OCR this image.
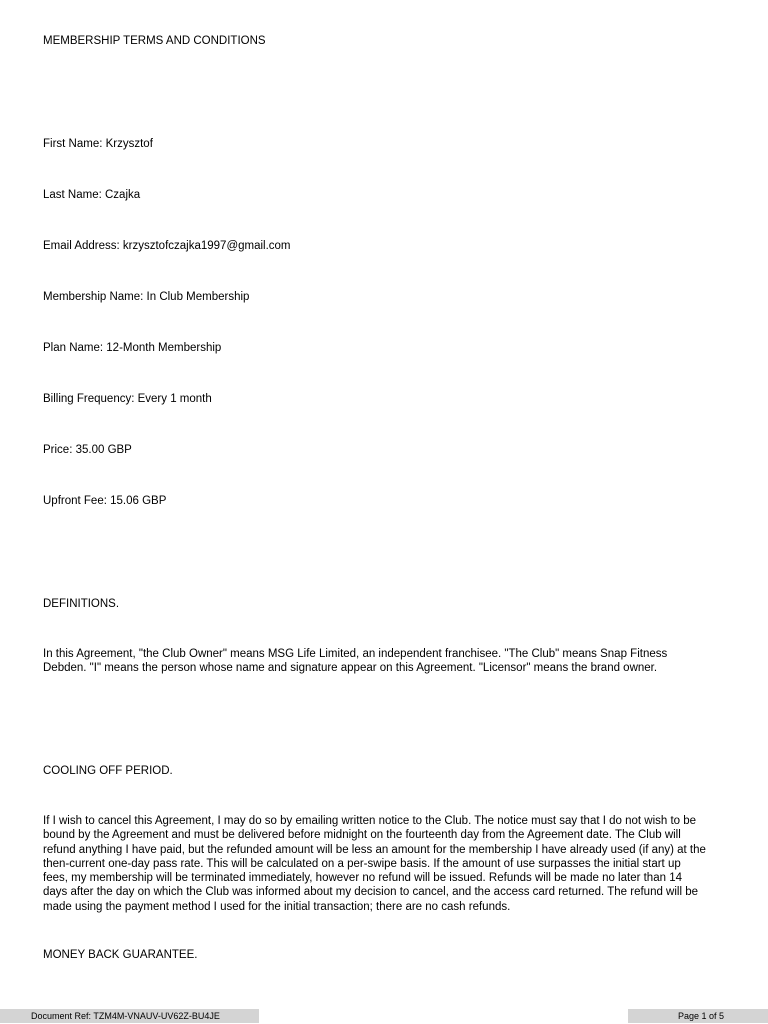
MEMBERSHIP TERMS AND CONDITIONS

First Name: Krzysztof

Last Name: Czajka

Email Address: krzysztofczajka1997@gmail.com

Membership Name: In Club Membership

Plan Name: 12-Month Membership

Billing Frequency: Every 1 month

Price: 35.00 GBP

Upfront Fee: 15.06 GBP

DEFINITIONS.

In this Agreement, "the Club Owner" means MSG Life Limited, an independent franchisee. "The Club" means Snap Fitness
Debden. "I" means the person whose name and signature appear on this Agreement. "Licensor" means the brand owner.

COOLING OFF PERIOD.

If I wish to cancel this Agreement, I may do so by emailing written notice to the Club. The notice must say that I do not wish to be
bound by the Agreement and must be delivered before midnight on the fourteenth day from the Agreement date. The Club will
refund anything I have paid, but the refunded amount will be less an amount for the membership I have already used (if any) at the
then-current one-day pass rate. This will be calculated on a per-swipe basis. If the amount of use surpasses the initial start up
fees, my membership will be terminated immediately, however no refund will be issued. Refunds will be made no later than 14
days after the day on which the Club was informed about my decision to cancel, and the access card returned. The refund will be
made using the payment method I used for the initial transaction; there are no cash refunds.

MONEY BACK GUARANTEE.

Document Ref: TZM4M-VNAUV-UV62Z-BU4JE	Page 1 of 5
